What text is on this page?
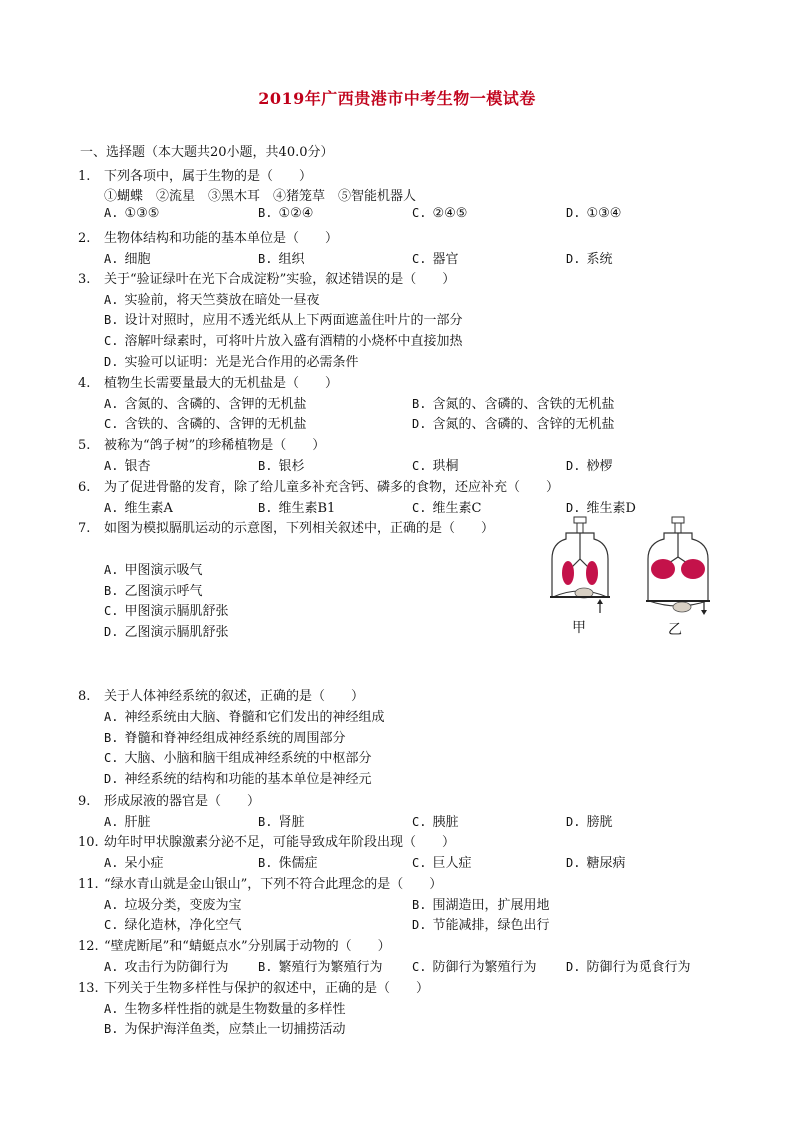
2019年广西贵港市中考生物一模试卷
一、选择题（本大题共20小题，共40.0分）
1. 下列各项中，属于生物的是（　　）
①蝴蝶　②流星　③黑木耳　④猪笼草　⑤智能机器人
A. ①③⑤	B. ①②④	C. ②④⑤	D. ①③④
2. 生物体结构和功能的基本单位是（　　）
A. 细胞	B. 组织	C. 器官	D. 系统
3. 关于“验证绿叶在光下合成淀粉”实验，叙述错误的是（　　）
A. 实验前，将天竺葵放在暗处一昼夜
B. 设计对照时，应用不透光纸从上下两面遮盖住叶片的一部分
C. 溶解叶绿素时，可将叶片放入盛有酒精的小烧杯中直接加热
D. 实验可以证明：光是光合作用的必需条件
4. 植物生长需要量最大的无机盐是（　　）
A. 含氮的、含磷的、含钾的无机盐	B. 含氮的、含磷的、含铁的无机盐
C. 含铁的、含磷的、含钾的无机盐	D. 含氮的、含磷的、含锌的无机盐
5. 被称为“鸽子树”的珍稀植物是（　　）
A. 银杏	B. 银杉	C. 珙桐	D. 桫椤
6. 为了促进骨骼的发育，除了给儿童多补充含钙、磷多的食物，还应补充（　　）
A. 维生素A	B. 维生素B1	C. 维生素C	D. 维生素D
7. 如图为模拟膈肌运动的示意图，下列相关叙述中，正确的是（　　）
A. 甲图演示吸气
B. 乙图演示呼气
C. 甲图演示膈肌舒张
D. 乙图演示膈肌舒张	甲	乙
8. 关于人体神经系统的叙述，正确的是（　　）
A. 神经系统由大脑、脊髓和它们发出的神经组成
B. 脊髓和脊神经组成神经系统的周围部分
C. 大脑、小脑和脑干组成神经系统的中枢部分
D. 神经系统的结构和功能的基本单位是神经元
9. 形成尿液的器官是（　　）
A. 肝脏	B. 肾脏	C. 胰脏	D. 膀胱
10. 幼年时甲状腺激素分泌不足，可能导致成年阶段出现（　　）
A. 呆小症	B. 侏儒症	C. 巨人症	D. 糖尿病
11. “绿水青山就是金山银山”，下列不符合此理念的是（　　）
A. 垃圾分类，变废为宝	B. 围湖造田，扩展用地
C. 绿化造林，净化空气	D. 节能减排，绿色出行
12. “壁虎断尾”和“蜻蜓点水”分别属于动物的（　　）
A. 攻击行为防御行为 B. 繁殖行为繁殖行为 C. 防御行为繁殖行为 D. 防御行为觅食行为
13. 下列关于生物多样性与保护的叙述中，正确的是（　　）
A. 生物多样性指的就是生物数量的多样性
B. 为保护海洋鱼类，应禁止一切捕捞活动
